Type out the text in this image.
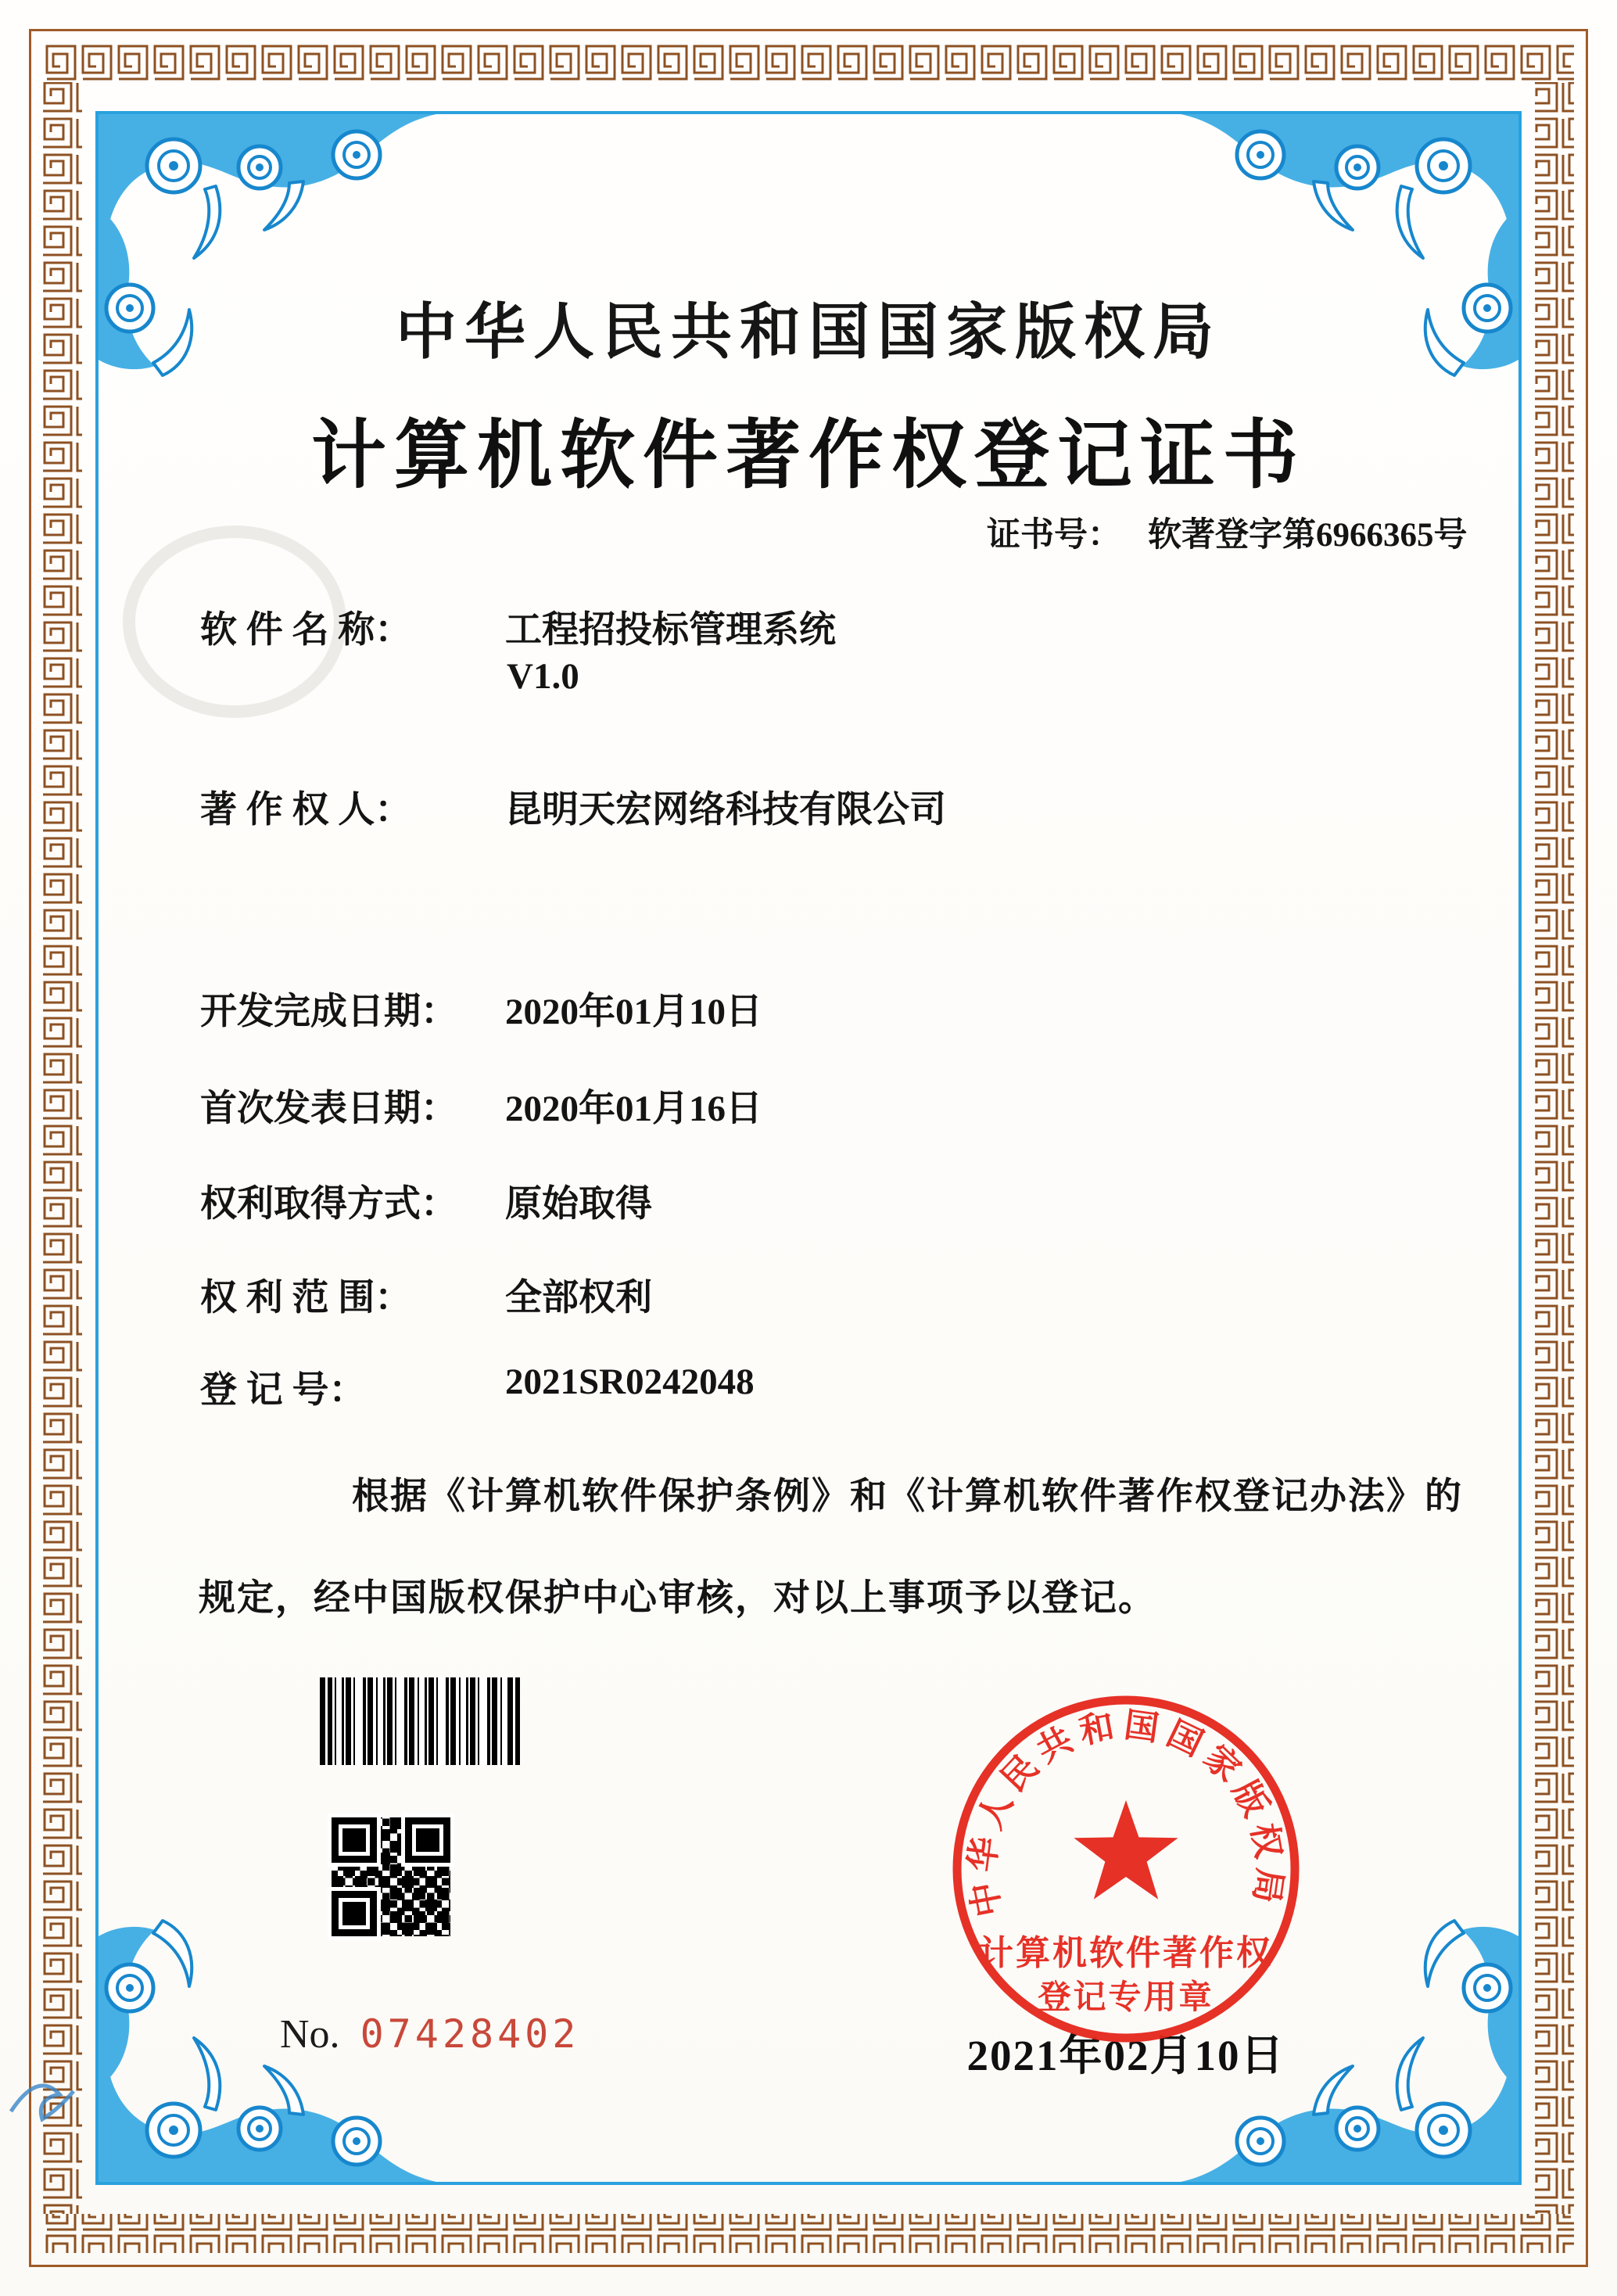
中华人民共和国国家版权局
计算机软件著作权登记证书
证书号： 软著登字第6966365号
软 件 名 称：	工程招投标管理系统
V1.0
著 作 权 人：	昆明天宏网络科技有限公司
开发完成日期：	2020年01月10日
首次发表日期：	2020年01月16日
权利取得方式：	原始取得
权 利 范 围：	全部权利
登 记 号：	2021SR0242048
根据《计算机软件保护条例》和《计算机软件著作权登记办法》的
规定，经中国版权保护中心审核，对以上事项予以登记。
No. 07428402	2021年02月10日
中华人民共和国国家版权局
计算机软件著作权
登记专用章
